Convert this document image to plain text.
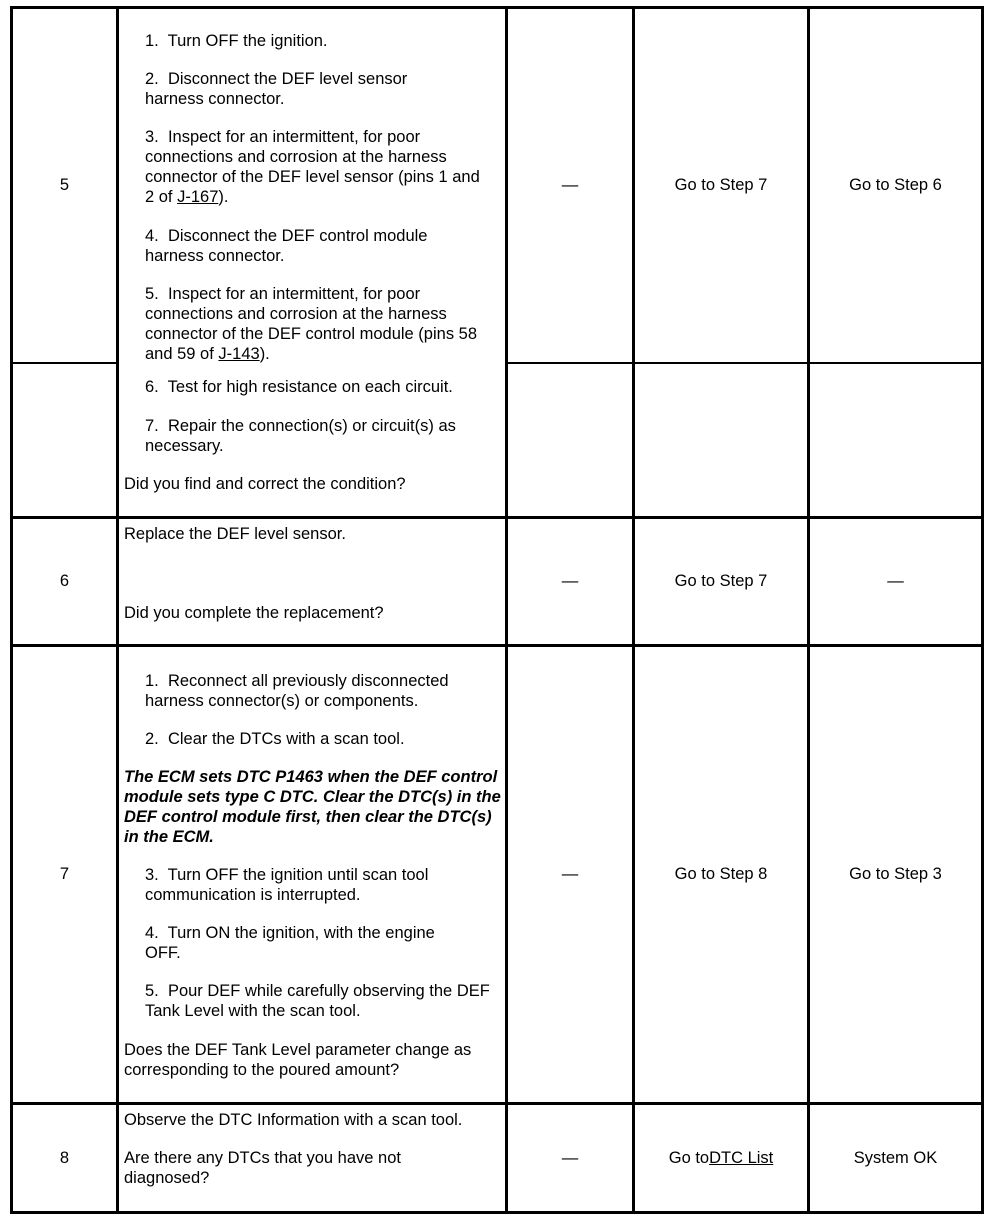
5
1. Turn OFF the ignition.
2. Disconnect the DEF level sensor harness connector.
3. Inspect for an intermittent, for poor connections and corrosion at the harness connector of the DEF level sensor (pins 1 and 2 of J-167).
4. Disconnect the DEF control module harness connector.
5. Inspect for an intermittent, for poor connections and corrosion at the harness connector of the DEF control module (pins 58 and 59 of J-143).
6. Test for high resistance on each circuit.
7. Repair the connection(s) or circuit(s) as necessary.
Did you find and correct the condition?
—	Go to Step 7	Go to Step 6
6
Replace the DEF level sensor.
Did you complete the replacement?
—	Go to Step 7	—
7
1. Reconnect all previously disconnected harness connector(s) or components.
2. Clear the DTCs with a scan tool.
The ECM sets DTC P1463 when the DEF control module sets type C DTC. Clear the DTC(s) in the DEF control module first, then clear the DTC(s) in the ECM.
3. Turn OFF the ignition until scan tool communication is interrupted.
4. Turn ON the ignition, with the engine OFF.
5. Pour DEF while carefully observing the DEF Tank Level with the scan tool.
Does the DEF Tank Level parameter change as corresponding to the poured amount?
—	Go to Step 8	Go to Step 3
8
Observe the DTC Information with a scan tool.
Are there any DTCs that you have not diagnosed?
—	Go to DTC List	System OK
